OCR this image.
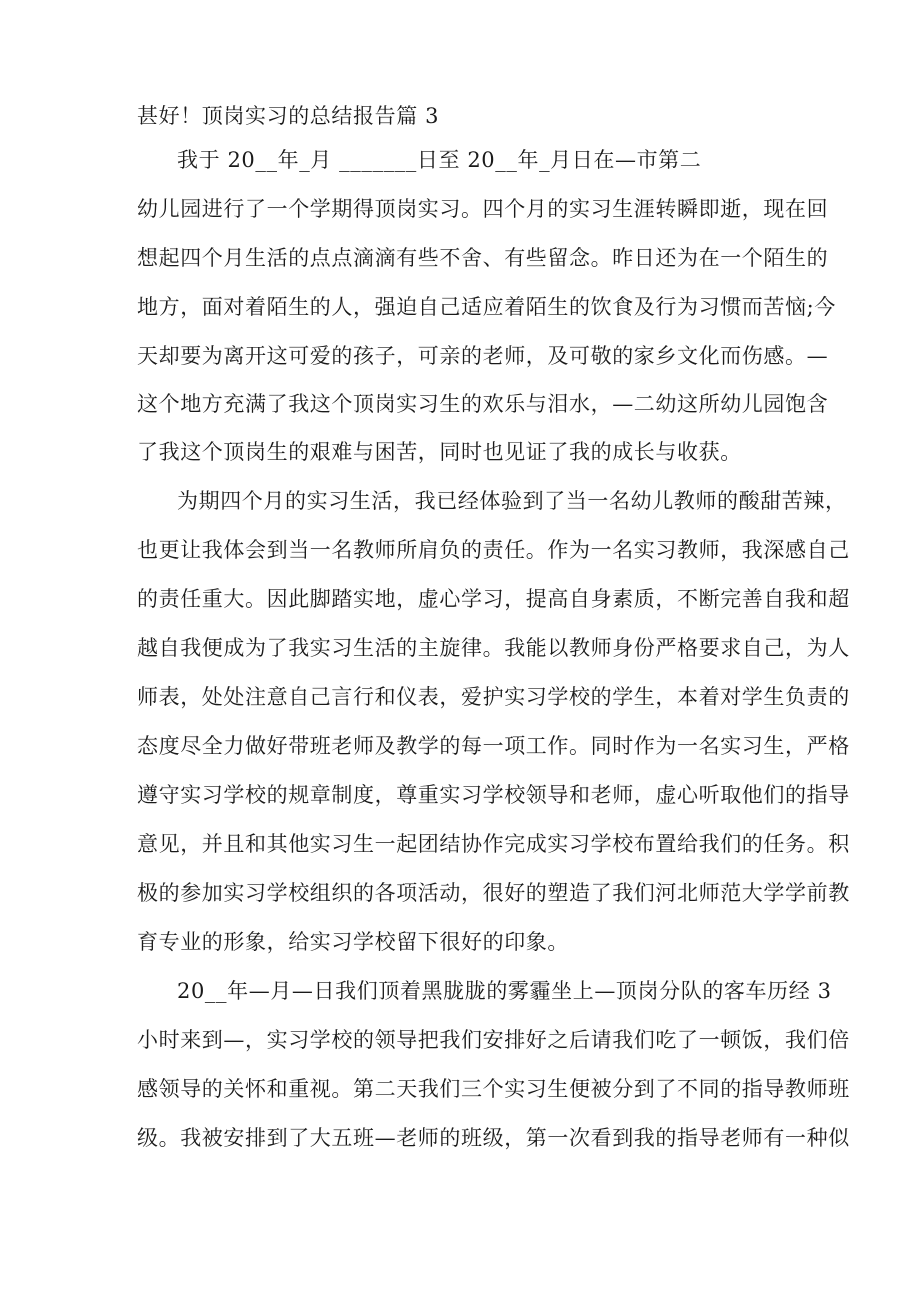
甚好！顶岗实习的总结报告篇 3
我于 20__年_月 _______日至 20__年_月日在—市第二
幼儿园进行了一个学期得顶岗实习。四个月的实习生涯转瞬即逝，现在回
想起四个月生活的点点滴滴有些不舍、有些留念。昨日还为在一个陌生的
地方，面对着陌生的人，强迫自己适应着陌生的饮食及行为习惯而苦恼;今
天却要为离开这可爱的孩子，可亲的老师，及可敬的家乡文化而伤感。—
这个地方充满了我这个顶岗实习生的欢乐与泪水，—二幼这所幼儿园饱含
了我这个顶岗生的艰难与困苦，同时也见证了我的成长与收获。
为期四个月的实习生活，我已经体验到了当一名幼儿教师的酸甜苦辣，
也更让我体会到当一名教师所肩负的责任。作为一名实习教师，我深感自己
的责任重大。因此脚踏实地，虚心学习，提高自身素质，不断完善自我和超
越自我便成为了我实习生活的主旋律。我能以教师身份严格要求自己，为人
师表，处处注意自己言行和仪表，爱护实习学校的学生，本着对学生负责的
态度尽全力做好带班老师及教学的每一项工作。同时作为一名实习生，严格
遵守实习学校的规章制度，尊重实习学校领导和老师，虚心听取他们的指导
意见，并且和其他实习生一起团结协作完成实习学校布置给我们的任务。积
极的参加实习学校组织的各项活动，很好的塑造了我们河北师范大学学前教
育专业的形象，给实习学校留下很好的印象。
20__年—月—日我们顶着黑胧胧的雾霾坐上—顶岗分队的客车历经 3
小时来到—，实习学校的领导把我们安排好之后请我们吃了一顿饭，我们倍
感领导的关怀和重视。第二天我们三个实习生便被分到了不同的指导教师班
级。我被安排到了大五班—老师的班级，第一次看到我的指导老师有一种似
